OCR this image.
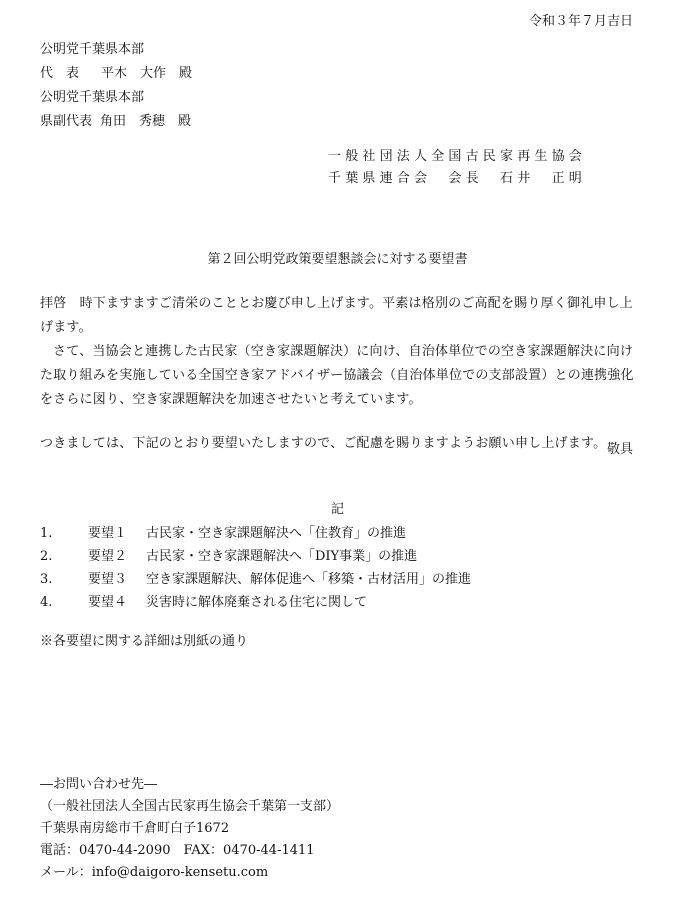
令和３年７月吉日
公明党千葉県本部
代　表 平木　大作　殿
公明党千葉県本部
県副代表 角田　秀穂　殿
一般社団法人全国古民家再生協会
千葉県連合会　会長　石井　正明
第２回公明党政策要望懇談会に対する要望書

拝啓　時下ますますご清栄のこととお慶び申し上げます。平素は格別のご高配を賜り厚く御礼申し上げます。

さて、当協会と連携した古民家（空き家課題解決）に向け、自治体単位での空き家課題解決に向けた取り組みを実施している全国空き家アドバイザー協議会（自治体単位での支部設置）との連携強化をさらに図り、空き家課題解決を加速させたいと考えています。

つきましては、下記のとおり要望いたしますので、ご配慮を賜りますようお願い申し上げます。 敬具
記
1.	要望１	古民家・空き家課題解決へ「住教育」の推進
2.	要望２	古民家・空き家課題解決へ「DIY事業」の推進
3.	要望３	空き家課題解決、解体促進へ「移築・古材活用」の推進
4.	要望４	災害時に解体廃棄される住宅に関して
※各要望に関する詳細は別紙の通り
―お問い合わせ先―
（一般社団法人全国古民家再生協会千葉第一支部）
千葉県南房総市千倉町白子1672
電話：0470-44-2090　FAX：0470-44-1411
メール：info@daigoro-kensetu.com
